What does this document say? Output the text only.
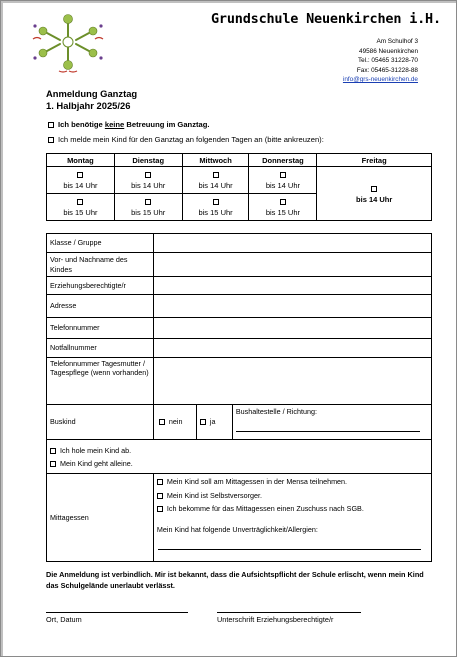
Grundschule Neuenkirchen i.H.
Am Schulhof 3
49586 Neuenkirchen
Tel.: 05465 31228-70
Fax: 05465-31228-88
info@grs-neuenkirchen.de
Anmeldung Ganztag
1. Halbjahr 2025/26
Ich benötige keine Betreuung im Ganztag.
Ich melde mein Kind für den Ganztag an folgenden Tagen an (bitte ankreuzen):
Montag	Dienstag	Mittwoch	Donnerstag	Freitag

bis 14 Uhr	bis 14 Uhr	bis 14 Uhr	bis 14 Uhr	bis 14 Uhr

bis 15 Uhr	bis 15 Uhr	bis 15 Uhr	bis 15 Uhr	
Klasse / Gruppe	
Vor- und Nachname des Kindes	
Erziehungsberechtigte/r	
Adresse	
Telefonnummer	
Notfallnummer	
Telefonnummer Tagesmutter / Tagespflege (wenn vorhanden)	
Buskind	nein ja
Bushaltestelle / Richtung:

Ich hole mein Kind ab.
Mein Kind geht alleine.	

Mittagessen	Mein Kind soll am Mittagessen in der Mensa teilnehmen.
Mein Kind ist Selbstversorger.
Ich bekomme für das Mittagessen einen Zuschuss nach SGB.
Mein Kind hat folgende Unverträglichkeit/Allergien:
Die Anmeldung ist verbindlich. Mir ist bekannt, dass die Aufsichtspflicht der Schule erlischt, wenn mein Kind das Schulgelände unerlaubt verlässt.
Ort, Datum	Unterschrift Erziehungsberechtigte/r
